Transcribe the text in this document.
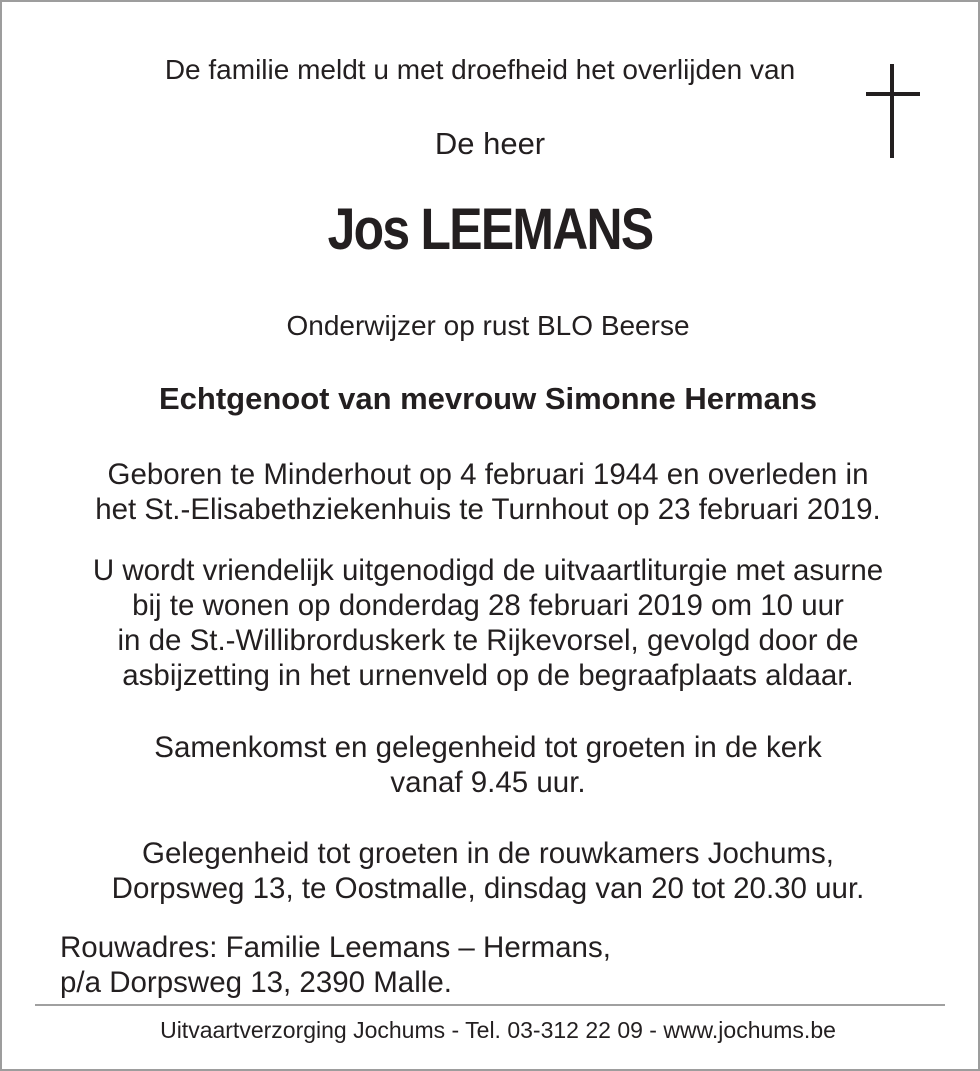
De familie meldt u met droefheid het overlijden van
De heer
Jos LEEMANS
Onderwijzer op rust BLO Beerse
Echtgenoot van mevrouw Simonne Hermans
Geboren te Minderhout op 4 februari 1944 en overleden in
het St.-Elisabethziekenhuis te Turnhout op 23 februari 2019.
U wordt vriendelijk uitgenodigd de uitvaartliturgie met asurne
bij te wonen op donderdag 28 februari 2019 om 10 uur
in de St.-Willibrorduskerk te Rijkevorsel, gevolgd door de
asbijzetting in het urnenveld op de begraafplaats aldaar.
Samenkomst en gelegenheid tot groeten in de kerk
vanaf 9.45 uur.
Gelegenheid tot groeten in de rouwkamers Jochums,
Dorpsweg 13, te Oostmalle, dinsdag van 20 tot 20.30 uur.
Rouwadres: Familie Leemans – Hermans,
p/a Dorpsweg 13, 2390 Malle.
Uitvaartverzorging Jochums - Tel. 03-312 22 09 - www.jochums.be
